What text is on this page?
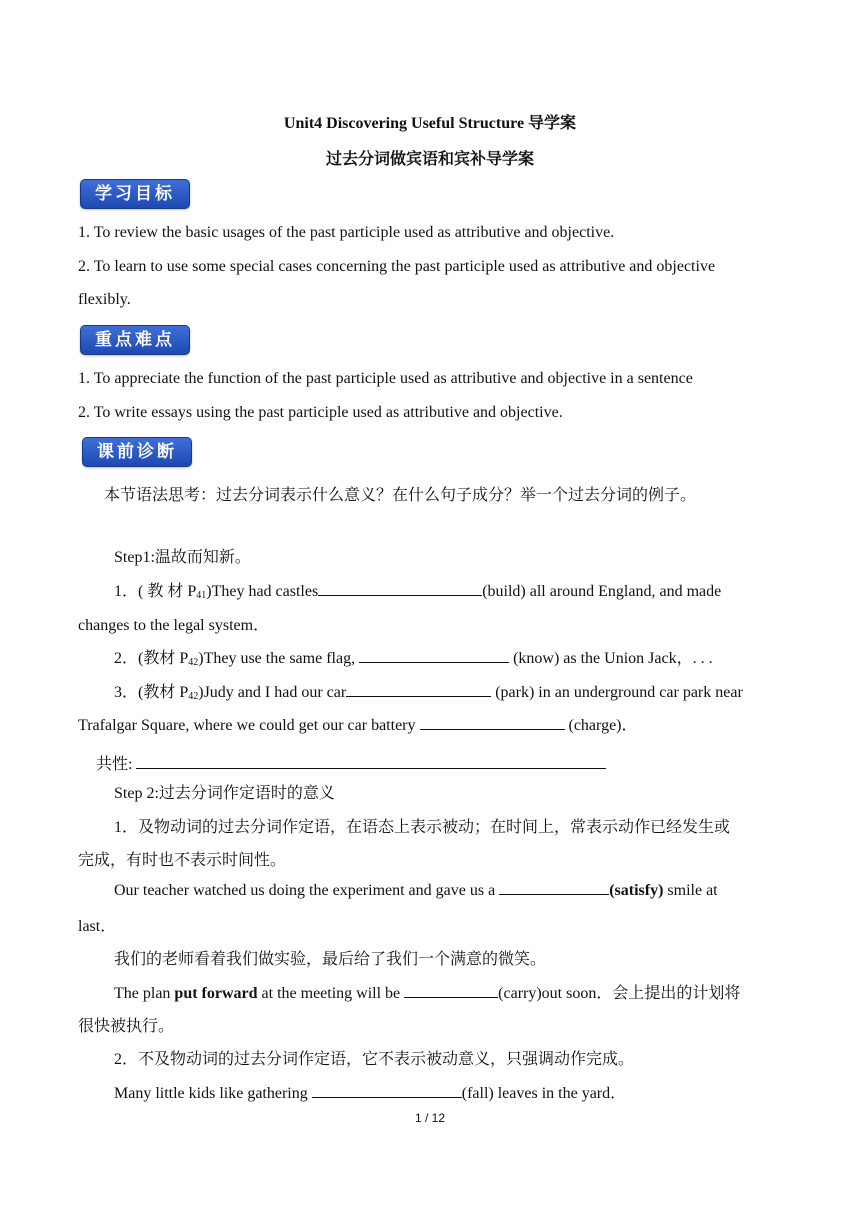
Unit4 Discovering Useful Structure 导学案
过去分词做宾语和宾补导学案
学习目标
1. To review the basic usages of the past participle used as attributive and objective.
2. To learn to use some special cases concerning the past participle used as attributive and objective
flexibly.
重点难点
1. To appreciate the function of the past participle used as attributive and objective in a sentence
2. To write essays using the past participle used as attributive and objective.
课前诊断
本节语法思考：过去分词表示什么意义？在什么句子成分？举一个过去分词的例子。
Step1:温故而知新。
1．( 教 材 $P_{41})They$ had castles	(build) all around England, and made
changes to the legal system．
2．(教材 $P_{42})They$ use the same flag,	(know) as the Union Jack，. . .
3．(教材 $P_{42})Judy$ and I had our car	(park) in an underground car park near
Trafalgar Square, where we could get our car battery	(charge)．
共性:
Step 2:过去分词作定语时的意义
1．及物动词的过去分词作定语，在语态上表示被动；在时间上，常表示动作已经发生或
完成，有时也不表示时间性。
Our teacher watched us doing the experiment and gave us a	(satisfy) smile at
last．
我们的老师看着我们做实验，最后给了我们一个满意的微笑。
The plan put forward at the meeting will be	(carry)out soon．会上提出的计划将
很快被执行。
2．不及物动词的过去分词作定语，它不表示被动意义，只强调动作完成。
Many little kids like gathering	(fall) leaves in the yard．
1 / 12
